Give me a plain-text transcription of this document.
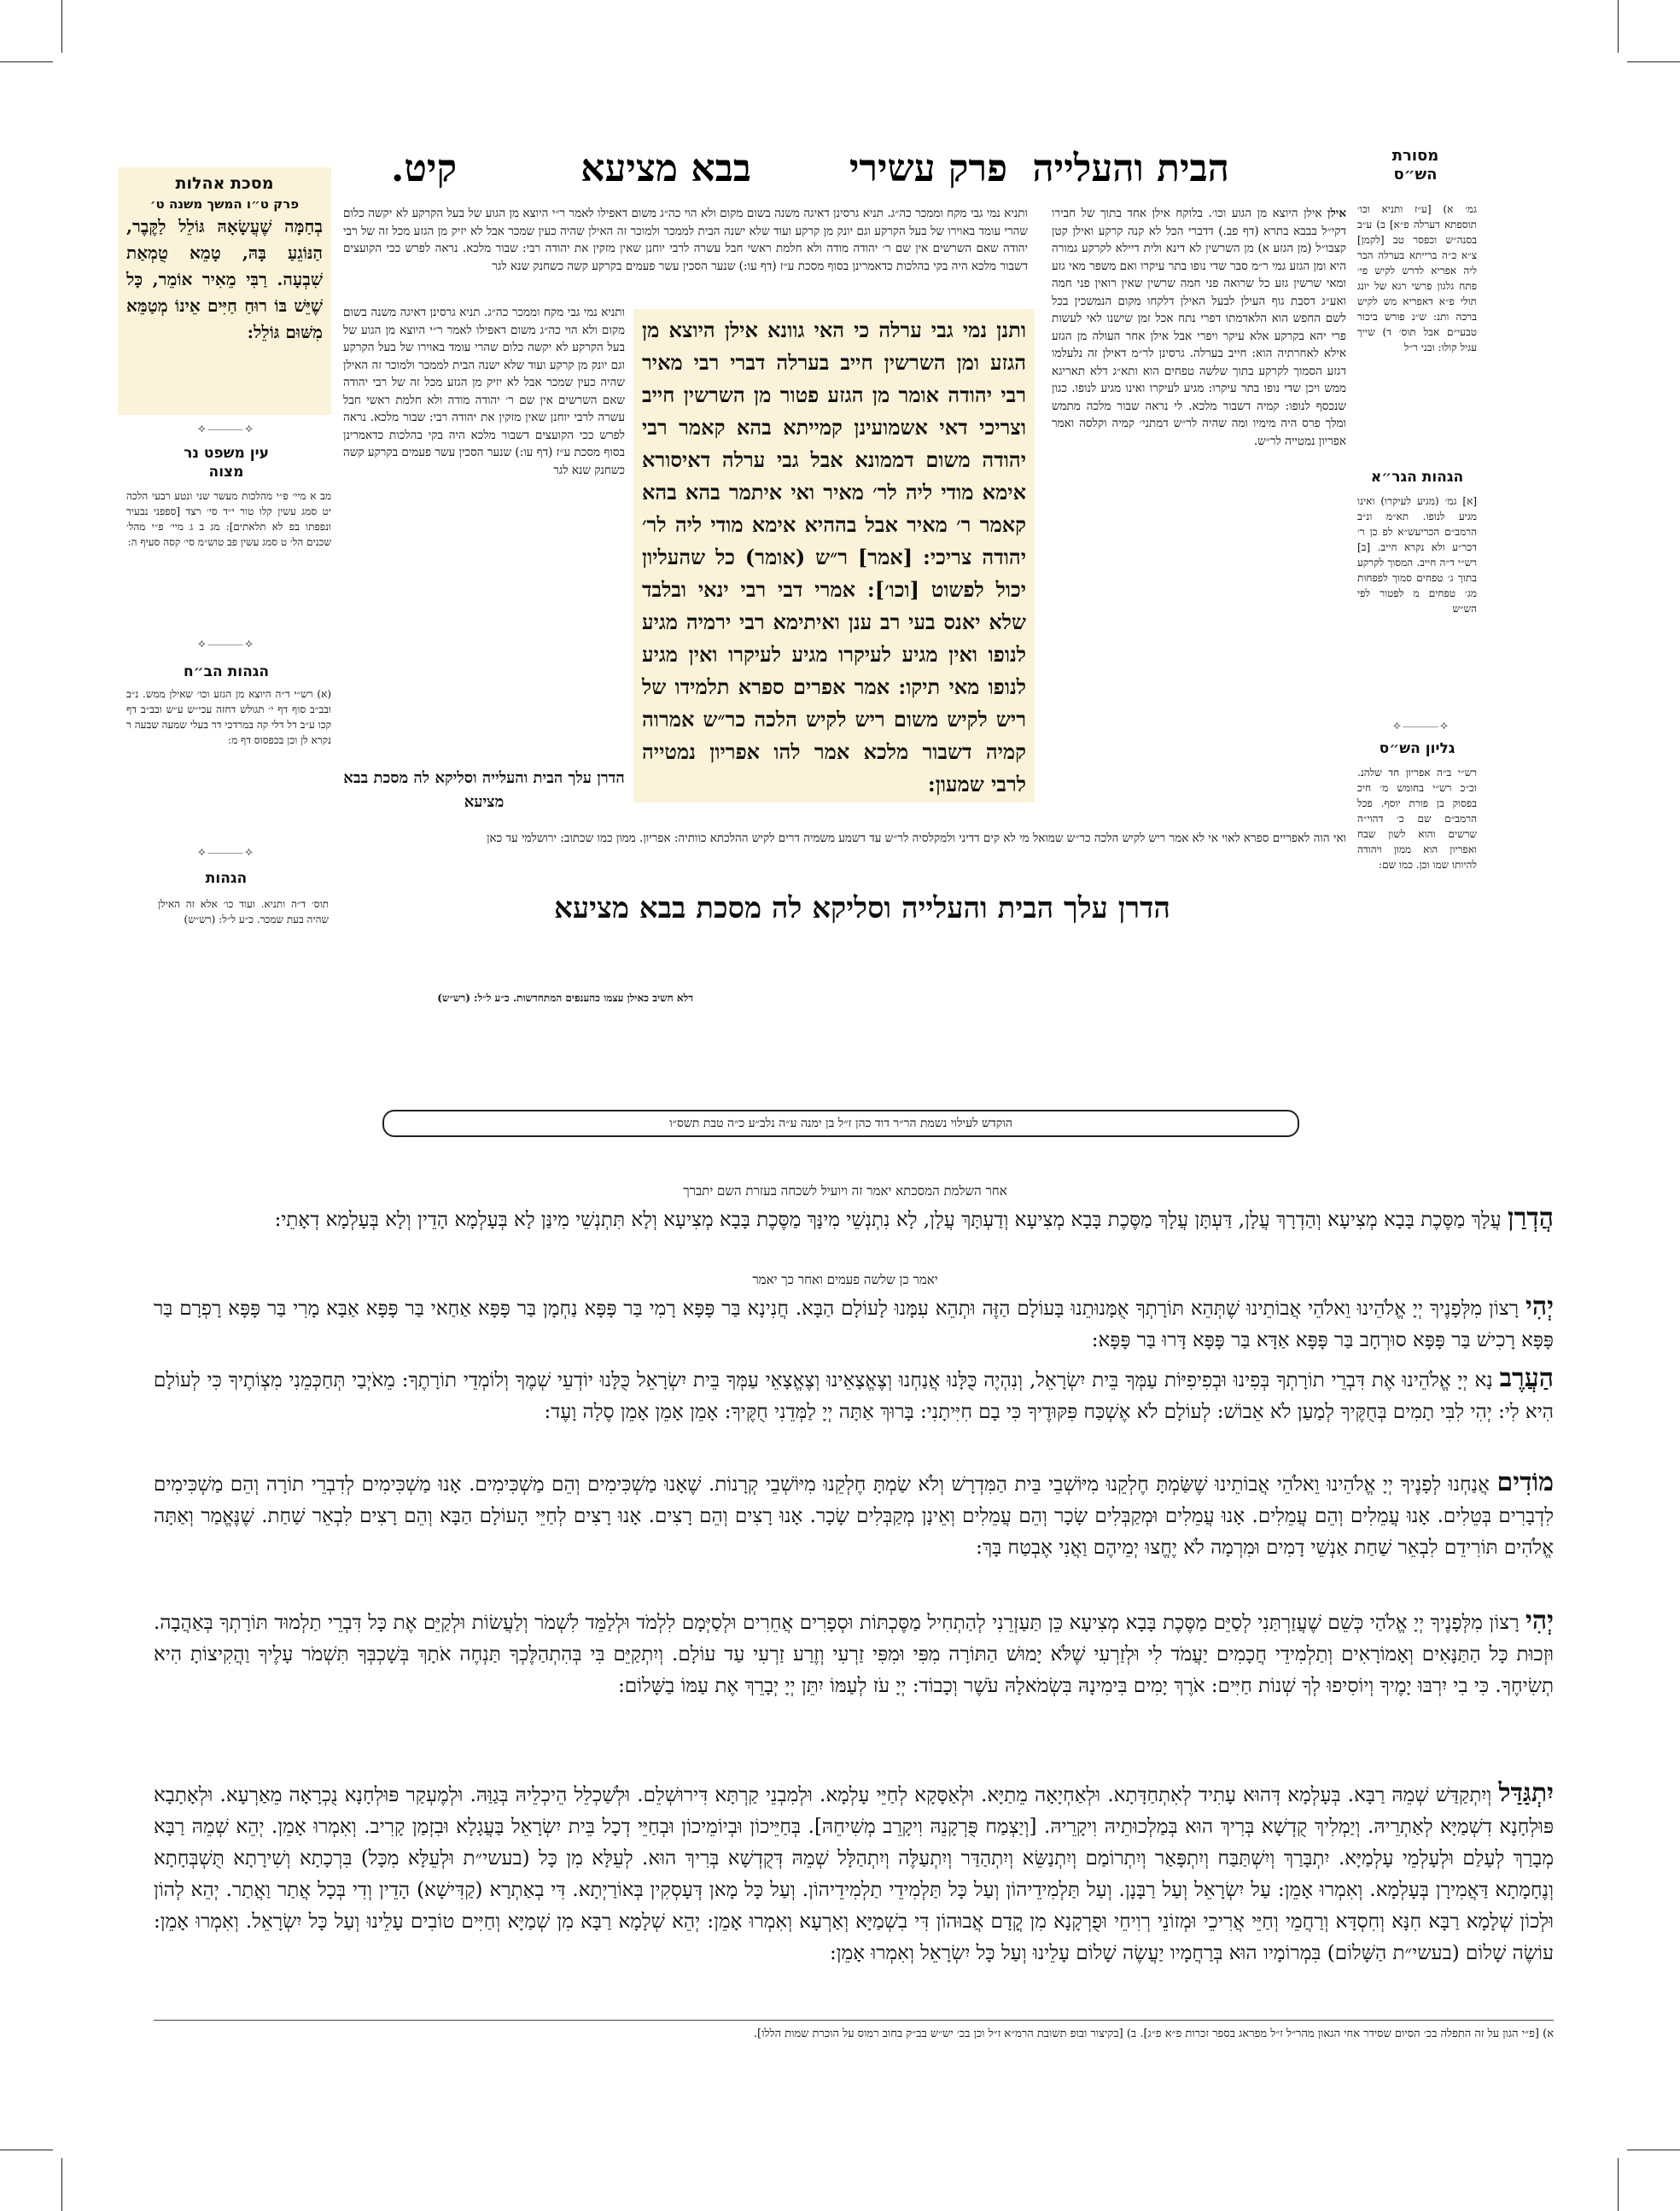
קיט.	בבא מציעא	פרק עשירי הבית והעלייה	מסורת הש״ס
גמ׳ א) [ע״ז ותניא וכו׳ תוספתא דערלה פ״א] ב) ע״ב בסנה״ש וכפסר טב [לקמן] צ״א כ״ה ברייתא בערלה הבר ליה אפריא לדרש לקיש פי׳ פתח גלגון פרשי רגא של יונג תולי פ״א דאפריא מש לקיש ברכה ותנ: ש״נ פורש ביכור טבעי״ם אבל תוס׳ ד) שייך עגיל קולו: ובני ר״ל
הגהות הגר״א
[א] גמ׳ (מגיע לעיקרו) ואינו מגיע לנופו. תא״מ ונ״ב הרמב״ם הכריעש״א לפ כן ר׳ דכר״ע ולא נקרא חייב. [ב] רש״י ד״ה חייב. המסוך לקרקע בתוך ג׳ טפחים סמוך לפפחות מג׳ טפחים מ לפטור לפי הש״ש
⟡⸻⟡
גליון הש״ס
רש״י ב״ה אפריון חד שלהנ. וכ״כ רש״י בחומש מ׳ חיכ בפסוק בן פורת יוסף. פכל הרמב״ם שם כ׳ דהוי״ה שרשים והוא לשון שבח ואפריון הוא ממון ויהודה להיותו שמו וכן. כמו שם:
אילן אילן היוצא מן הגוע וכו׳. בלוקח אילן אחד בתוך של חבירו דקי״ל בבבא בתרא (דף פב.) דדברי הכל לא קנה קרקע ואילן קטן קצבו״ל (מן הגזע א) מן השרשין לא דינא ולית דיילא לקרקע גמורה היא ומן הגזע גמי ר״מ סבר שדי נופו בתר עיקרו ואם משפר מאי גזע ומאי שרשין גזע כל שרואה פני חמה שרשין שאין רואין פני חמה ואע״ג דסבת גוף העילן לבעל האילן דלקחו מקום הנמשכין בכל לשם החפש הוא הלאדמתו דפרי נתח אכל זמן שישנו לאי לעשות פרי יהא בקרקע אלא עיקר ויפרי אבל אילן אחר העולה מן הגזע אילא לאחרתיה הוא: חייב בערלה. גרסינן לר״מ דאילן זה נלעלמו דגזע הסמוך לקרקע בתוך שלשה טפחים הוא ותא״ג דלא תאריגא ממש ויכן שדי נופו בתר עיקרו: מגיע לעיקרו ואינו מגיע לנופו. כגון שנכסף לנופו: קמיה דשבור מלכא. לי נראה שבור מלכה מתמש ומלך פרס היה מימיו ומה שהיה לר״ש דמתני׳ קמיה וקלסה ואמר אפריון נמטייה לר״ש.
ותניא נמי גבי מקח וממכר כה״ג. תניא גרסינן דאיגה משנה בשום מקום ולא הוי כה״ג משום דאפילו לאמר ר״י היוצא מן הגוע של בעל הקרקע לא יקשה כלום שהרי עומד באוירו של בעל הקרקע וגם יונק מן קרקע ועוד שלא ישנה הבית לממכר ולמוכר זה האילן שהיה כעין שמכר אבל לא יזיק מן הגזע מכל זה של רבי יהודה שאם השרשים אין שם ר׳ יהודה מודה ולא חלמת ראשי חבל עשרה לרבי יוחנן שאין מזקין את יהודה רבי: שבור מלכא. נראה לפרש ככי הקועצים דשבור מלכא היה בקי בהלכות כדאמרינן בסוף מסכת ע״ז (דף עו:) שנער הסכין עשר פעמים בקרקע קשה כשחנק שנא לגר
ותניא נמי גבי מקח וממכר כה״ג. תניא גרסינן דאיגה משנה בשום מקום ולא הוי כה״ג משום דאפילו לאמר ר״י היוצא מן הגוע של בעל הקרקע לא יקשה כלום שהרי עומד באוירו של בעל הקרקע וגם יונק מן קרקע ועוד שלא ישנה הבית לממכר ולמוכר זה האילן שהיה כעין שמכר אבל לא יזיק מן הגזע מכל זה של רבי יהודה שאם השרשים אין שם ר׳ יהודה מודה ולא חלמת ראשי חבל עשרה לרבי יוחנן שאין מזקין את יהודה רבי: שבור מלכא. נראה לפרש ככי הקועצים דשבור מלכא היה בקי בהלכות כדאמרינן בסוף מסכת ע״ז (דף עו:) שנער הסכין עשר פעמים בקרקע קשה כשחנק שנא לגר
ותנן נמי גבי ערלה כי האי גוונא אילן היוצא מן הגזע ומן השרשין חייב בערלה דברי רבי מאיר רבי יהודה אומר מן הגזע פטור מן השרשין חייב וצריכי דאי אשמועינן קמייתא בהא קאמר רבי יהודה משום דממונא אבל גבי ערלה דאיסורא אימא מודי ליה לר׳ מאיר ואי איתמר בהא בהא קאמר ר׳ מאיר אבל בההיא אימא מודי ליה לר׳ יהודה צריכי: [אמר] ר״ש (אומר) כל שהעליון יכול לפשוט [וכו׳]: אמרי דבי רבי ינאי ובלבד שלא יאנס בעי רב ענן ואיתימא רבי ירמיה מגיע לנופו ואין מגיע לעיקרו מגיע לעיקרו ואין מגיע לנופו מאי תיקו: אמר אפרים ספרא תלמידו של ריש לקיש משום ריש לקיש הלכה כר״ש אמרוה קמיה דשבור מלכא אמר להו אפריון נמטייה לרבי שמעון:
הדרן עלך הבית והעלייה וסליקא לה מסכת בבא מציעא
ואי הוה לאפריים ספרא לאוי אי לא אמר ריש לקיש הלכה כר״ש שמואל מי לא קים דדיני ולמקלסיה לר״ש עד דשמע משמיה דרים לקיש ההלכתא כוותיה: אפריון. ממון כמו שכתוב: ירושלמי עד כאן
הדרן עלך הבית והעלייה וסליקא לה מסכת בבא מציעא
מסכת אהלות
פרק ט״ו המשך משנה ט׳
בְחַמָּה שֶׁעֲשָׂאָהּ גּוֹלֵל לַקֶּבֶר, הַנּוֹגֵעַ בָּהּ, טָמֵא טֻמְאַת שִׁבְעָה. רַבִּי מֵאִיר אוֹמֵר, כָּל שֶׁיֵּשׁ בּוֹ רוּחַ חַיִּים אֵינוֹ מְטַמֵּא מִשּׁוּם גּוֹלֵל:
⟡⸻⟡
עין משפט נר מצוה
מב א מיי׳ פ״י מהלכות מעשר שני ונטע רבעי הלכה יט סמג עשין קלו טור י״ד סי׳ רצד [ספפני נבעיר ונפפתו בפ לא תלאתים]: מג ב ג מיי׳ פ״י מהל׳ שכנים הל׳ ט סמג עשין פב טוש״מ סי׳ קסה סעיף ה:
⟡⸻⟡
הגהות הב״ח
(א) רש״י ד״ה היוצא מן הגזע וכו׳ שאילן ממש. נ״ב ובב״ב סוף דף י׳ תגולש דחזה עכי״ש ע״ש ובב״ב דף קכו ע״ב דל דלי קה במרדכי דר בעלי שמעה שבעה ר נקרא לן וכן בכפסוס דף מ:
⟡⸻⟡
הגהות
תוס׳ ד״ה ותניא. ועוד כו׳ אלא זה האילן שהיה בעת שמכר. כ״ע ל״ל: (רש״ש)
דלא חשיב כאילן עצמו כהענפים המתחדשות. כ״ע ל״ל: (רש״ש)
הוקדש לעילוי נשמת הר״ר דוד כהן ז״ל בן ימנה ע״ה נלב״ע כ״ה טבת תשס״ו
אחר השלמת המסכתא יאמר זה ויועיל לשכחה בעזרת השם יתברך
הֲדְרַן עֲלָךְ מַסֶּכֶת בָּבָא מְצִיעָא וְהַדְרָךְ עֲלָן, דַּעְתָּן עֲלָךְ מַסֶּכֶת בָּבָא מְצִיעָא וְדַעְתָּךְ עֲלָן, לָא נִתְנְשֵׁי מִינָּךְ מַסֶּכֶת בָּבָא מְצִיעָא וְלָא תִּתְנְשֵׁי מִינַּן לָא בְּעָלְמָא הָדֵין וְלָא בְּעָלְמָא דְאָתֵי:
יאמר כן שלשה פעמים ואחר כך יאמר
יְהִי רָצוֹן מִלְּפָנֶיךָ יְיָ אֱלֹהֵינוּ וֵאלֹהֵי אֲבוֹתֵינוּ שֶׁתְּהֵא תּוֹרָתְךָ אֻמָּנוּתֵנוּ בָּעוֹלָם הַזֶּה וּתְהֵא עִמָּנוּ לָעוֹלָם הַבָּא. חֲנִינָא בַּר פָּפָּא רָמִי בַּר פָּפָּא נַחְמָן בַּר פָּפָּא אַחַאי בַּר פָּפָּא אַבָּא מָרִי בַּר פָּפָּא רָפְרָם בַּר פָּפָּא רָכִישׁ בַּר פָּפָּא סוּרְחָב בַּר פָּפָּא אַדָּא בַּר פָּפָּא דָּרוּ בַּר פָּפָּא:
הַעֲרֶב נָא יְיָ אֱלֹהֵינוּ אֶת דִּבְרֵי תוֹרָתְךָ בְּפִינוּ וּבְפִיפִיּוֹת עַמְּךָ בֵּית יִשְׂרָאֵל, וְנִהְיֶה כֻּלָּנוּ אֲנַחְנוּ וְצֶאֱצָאֵינוּ וְצֶאֱצָאֵי עַמְּךָ בֵּית יִשְׂרָאֵל כֻּלָּנוּ יוֹדְעֵי שְׁמֶךָ וְלוֹמְדֵי תוֹרָתֶךָ: מֵאֹיְבַי תְּחַכְּמֵנִי מִצְוֹתֶיךָ כִּי לְעוֹלָם הִיא לִי: יְהִי לִבִּי תָמִים בְּחֻקֶּיךָ לְמַעַן לֹא אֵבוֹשׁ: לְעוֹלָם לֹא אֶשְׁכַּח פִּקּוּדֶיךָ כִּי בָם חִיִּיתָנִי: בָּרוּךְ אַתָּה יְיָ לַמְּדֵנִי חֻקֶּיךָ: אָמֵן אָמֵן אָמֵן סֶלָה וָעֶד:
מוֹדִים אֲנַחְנוּ לְפָנֶיךָ יְיָ אֱלֹהֵינוּ וֵאלֹהֵי אֲבוֹתֵינוּ שֶׁשַּׂמְתָּ חֶלְקֵנוּ מִיּוֹשְׁבֵי בֵּית הַמִּדְרָשׁ וְלֹא שַׂמְתָּ חֶלְקֵנוּ מִיּוֹשְׁבֵי קְרָנוֹת. שֶׁאָנוּ מַשְׁכִּימִים וְהֵם מַשְׁכִּימִים. אָנוּ מַשְׁכִּימִים לְדִבְרֵי תוֹרָה וְהֵם מַשְׁכִּימִים לִדְבָרִים בְּטֵלִים. אָנוּ עֲמֵלִים וְהֵם עֲמֵלִים. אָנוּ עֲמֵלִים וּמְקַבְּלִים שָׂכָר וְהֵם עֲמֵלִים וְאֵינָן מְקַבְּלִים שָׂכָר. אָנוּ רָצִים וְהֵם רָצִים. אָנוּ רָצִים לְחַיֵּי הָעוֹלָם הַבָּא וְהֵם רָצִים לִבְאֵר שַׁחַת. שֶׁנֶּאֱמַר וְאַתָּה אֱלֹהִים תּוֹרִידֵם לִבְאֵר שַׁחַת אַנְשֵׁי דָמִים וּמִרְמָה לֹא יֶחֱצוּ יְמֵיהֶם וַאֲנִי אֶבְטַח בָּךְ:
יְהִי רָצוֹן מִלְּפָנֶיךָ יְיָ אֱלֹהַי כְּשֵׁם שֶׁעֲזַרְתַּנִי לְסַיֵּם מַסֶּכֶת בָּבָא מְצִיעָא כֵּן תַּעַזְרֵנִי לְהַתְחִיל מַסֶּכְתּוֹת וּסְפָרִים אֲחֵרִים וּלְסַיְּמָם לִלְמֹד וּלְלַמֵּד לִשְׁמֹר וְלַעֲשׂוֹת וּלְקַיֵּם אֶת כָּל דִּבְרֵי תַלְמוּד תּוֹרָתְךָ בְּאַהֲבָה. וּזְכוּת כָּל הַתַּנָּאִים וְאָמוֹרָאִים וְתַלְמִידֵי חֲכָמִים יַעֲמֹד לִי וּלְזַרְעִי שֶׁלֹּא יָמוּשׁ הַתּוֹרָה מִפִּי וּמִפִּי זַרְעִי וְזֶרַע זַרְעִי עַד עוֹלָם. וְיִתְקַיֵּם בִּי בְּהִתְהַלֶּכְךָ תַּנְחֶה אֹתָךְ בְּשָׁכְבְּךָ תִּשְׁמֹר עָלֶיךָ וַהֲקִיצוֹתָ הִיא תְשִׂיחֶךָ. כִּי בִי יִרְבּוּ יָמֶיךָ וְיוֹסִיפוּ לְךָ שְׁנוֹת חַיִּים: אֹרֶךְ יָמִים בִּימִינָהּ בִּשְׂמֹאלָהּ עֹשֶׁר וְכָבוֹד: יְיָ עֹז לְעַמּוֹ יִתֵּן יְיָ יְבָרֵךְ אֶת עַמּוֹ בַשָּׁלוֹם:
יִתְגַּדַּל וְיִתְקַדַּשׁ שְׁמֵהּ רַבָּא. בְּעָלְמָא דְּהוּא עָתִיד לְאִתְחַדָּתָא. וּלְאַחְיָאָה מֵתַיָּא. וּלְאַסָּקָא לְחַיֵּי עָלְמָא. וּלְמִבְנֵי קַרְתָּא דִּירוּשְׁלֵם. וּלְשַׁכְלֵל הֵיכְלֵיהּ בְּגַוַּהּ. וּלְמֶעְקַר פּוּלְחָנָא נֻכְרָאָה מֵאַרְעָא. וּלְאָתָבָא פּוּלְחָנָא דִשְׁמַיָּא לְאַתְרֵיהּ. וְיַמְלִיךְ קֻדְשָׁא בְּרִיךְ הוּא בְּמַלְכוּתֵיהּ וִיקָרֵיהּ. [וְיַצְמַח פֻּרְקָנֵהּ וִיקָרֵב מְשִׁיחֵהּ]. בְּחַיֵּיכוֹן וּבְיוֹמֵיכוֹן וּבְחַיֵּי דְכָל בֵּית יִשְׂרָאֵל בַּעֲגָלָא וּבִזְמַן קָרִיב. וְאִמְרוּ אָמֵן. יְהֵא שְׁמֵהּ רַבָּא מְבָרַךְ לְעָלַם וּלְעָלְמֵי עָלְמַיָּא. יִתְבָּרַךְ וְיִשְׁתַּבַּח וְיִתְפָּאַר וְיִתְרוֹמַם וְיִתְנַשֵּׂא וְיִתְהַדַּר וְיִתְעַלֶּה וְיִתְהַלָּל שְׁמֵהּ דְּקֻדְשָׁא בְּרִיךְ הוּא. לְעֵלָּא מִן כָּל (בעשי״ת וּלְעֵלָּא מִכָּל) בִּרְכָתָא וְשִׁירָתָא תֻּשְׁבְּחָתָא וְנֶחָמָתָא דַּאֲמִירָן בְּעָלְמָא. וְאִמְרוּ אָמֵן: עַל יִשְׂרָאֵל וְעַל רַבָּנָן. וְעַל תַּלְמִידֵיהוֹן וְעַל כָּל תַּלְמִידֵי תַלְמִידֵיהוֹן. וְעַל כָּל מָאן דְּעָסְקִין בְּאוֹרַיְתָא. דִּי בְאַתְרָא (קַדִּישָׁא) הָדֵין וְדִי בְּכָל אֲתַר וַאֲתַר. יְהֵא לְהוֹן וּלְכוֹן שְׁלָמָא רַבָּא חִנָּא וְחִסְדָּא וְרַחֲמֵי וְחַיֵּי אֲרִיכֵי וּמְזוֹנֵי רְוִיחֵי וּפֻרְקָנָא מִן קֳדָם אֲבוּהוֹן דִּי בִשְׁמַיָּא וְאַרְעָא וְאִמְרוּ אָמֵן: יְהֵא שְׁלָמָא רַבָּא מִן שְׁמַיָּא וְחַיִּים טוֹבִים עָלֵינוּ וְעַל כָּל יִשְׂרָאֵל. וְאִמְרוּ אָמֵן: עוֹשֶׂה שָׁלוֹם (בעשי״ת הַשָּׁלוֹם) בִּמְרוֹמָיו הוּא בְּרַחֲמָיו יַעֲשֶׂה שָׁלוֹם עָלֵינוּ וְעַל כָּל יִשְׂרָאֵל וְאִמְרוּ אָמֵן:
א) [פ״י הגון על זה התפלה בכ׳ הסיום שסידר אחי הגאון מהר״ל ז״ל מפראג בספר זכרות פ״א פ״ג]. ב) [בקיצור ובופ תשובת הרמ״א ז״ל וכן בכ׳ יש״ש בב״ק בחוב רמוס על הוכרת שמות הללו].
